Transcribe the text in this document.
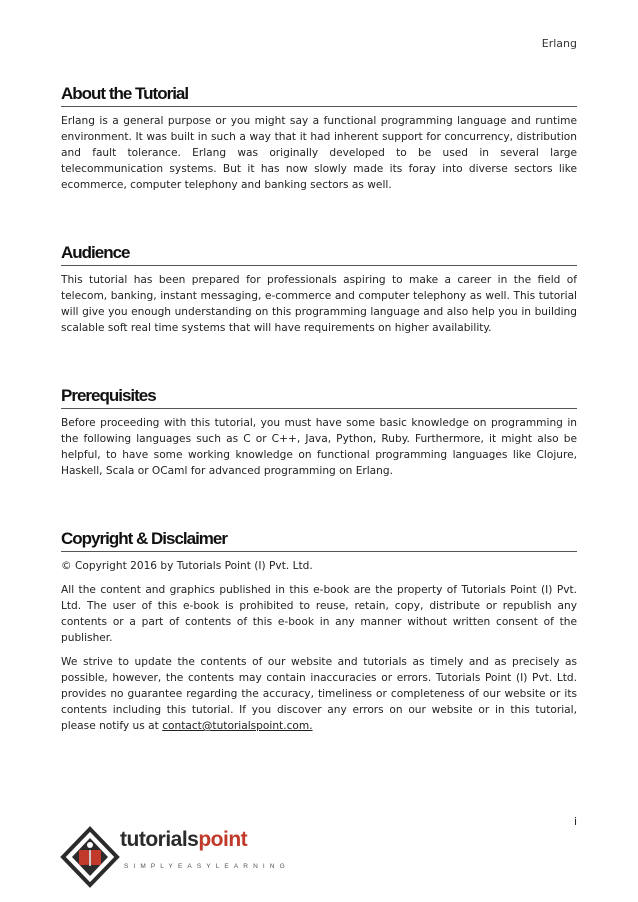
Erlang
About the Tutorial

Erlang is a general purpose or you might say a functional programming language and runtime environment. It was built in such a way that it had inherent support for concurrency, distribution and fault tolerance. Erlang was originally developed to be used in several large telecommunication systems. But it has now slowly made its foray into diverse sectors like ecommerce, computer telephony and banking sectors as well.

Audience

This tutorial has been prepared for professionals aspiring to make a career in the field of telecom, banking, instant messaging, e-commerce and computer telephony as well. This tutorial will give you enough understanding on this programming language and also help you in building scalable soft real time systems that will have requirements on higher availability.

Prerequisites

Before proceeding with this tutorial, you must have some basic knowledge on programming in the following languages such as C or C++, Java, Python, Ruby. Furthermore, it might also be helpful, to have some working knowledge on functional programming languages like Clojure, Haskell, Scala or OCaml for advanced programming on Erlang.

Copyright & Disclaimer

© Copyright 2016 by Tutorials Point (I) Pvt. Ltd.

All the content and graphics published in this e-book are the property of Tutorials Point (I) Pvt. Ltd. The user of this e-book is prohibited to reuse, retain, copy, distribute or republish any contents or a part of contents of this e-book in any manner without written consent of the publisher.

We strive to update the contents of our website and tutorials as timely and as precisely as possible, however, the contents may contain inaccuracies or errors. Tutorials Point (I) Pvt. Ltd. provides no guarantee regarding the accuracy, timeliness or completeness of our website or its contents including this tutorial. If you discover any errors on our website or in this tutorial, please notify us at contact@tutorialspoint.com.

i
tutorialspoint
SIMPLYEASYLEARNING
